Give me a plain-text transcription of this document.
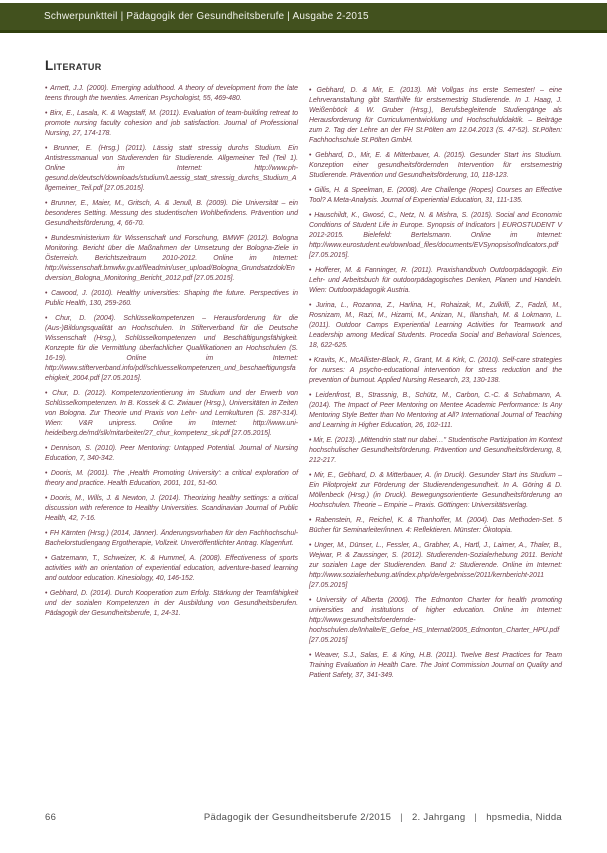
Schwerpunktteil | Pädagogik der Gesundheitsberufe | Ausgabe 2-2015
Literatur
• Arnett, J.J. (2000). Emerging adulthood. A theory of development from the late teens through the twenties. American Psychologist, 55, 469-480.
• Birx, E., Lasala, K. & Wagstaff, M. (2011). Evaluation of team-building retreat to promote nursing faculty cohesion and job satisfaction. Journal of Professional Nursing, 27, 174-178.
• Brunner, E. (Hrsg.) (2011). Lässig statt stressig durchs Studium. Ein Antistressmanual von Studierenden für Studierende. Allgemeiner Teil (Teil 1). Online im Internet: http://www.ph-gesund.de/deutsch/downloads/studium/Laessig_statt_stressig_durchs_Studium_Allgemeiner_Teil.pdf [27.05.2015].
• Brunner, E., Maier, M., Gritsch, A. & Jenull, B. (2009). Die Universität – ein besonderes Setting. Messung des studentischen Wohlbefindens. Prävention und Gesundheitsförderung, 4, 66-70.
• Bundesministerium für Wissenschaft und Forschung, BMWF (2012). Bologna Monitoring. Bericht über die Maßnahmen der Umsetzung der Bologna-Ziele in Österreich. Berichtszeitraum 2010-2012. Online im Internet: http://wissenschaft.bmwfw.gv.at/fileadmin/user_upload/Bologna_Grundsatzdok/Endversion_Bologna_Monitoring_Bericht_2012.pdf [27.05.2015].
• Cawood, J. (2010). Healthy universities: Shaping the future. Perspectives in Public Health, 130, 259-260.
• Chur, D. (2004). Schlüsselkompetenzen – Herausforderung für die (Aus-)Bildungsqualität an Hochschulen. In Stifterverband für die Deutsche Wissenschaft (Hrsg.), Schlüsselkompetenzen und Beschäftigungsfähigkeit. Konzepte für die Vermittlung überfachlicher Qualifikationen an Hochschulen (S. 16-19). Online im Internet: http://www.stifterverband.info/pdf/schluesselkompetenzen_und_beschaeftigungsfaehigkeit_2004.pdf [27.05.2015].
• Chur, D. (2012). Kompetenzorientierung im Studium und der Erwerb von Schlüsselkompetenzen. In B. Kossek & C. Zwiauer (Hrsg.), Universitäten in Zeiten von Bologna. Zur Theorie und Praxis von Lehr- und Lernkulturen (S. 287-314). Wien: V&R unipress. Online im Internet: http://www.uni-heidelberg.de/md/slk/mitarbeiter/27_chur_kompetenz_sk.pdf [27.05.2015].
• Dennison, S. (2010). Peer Mentoring: Untapped Potential. Journal of Nursing Education, 7, 340-342.
• Dooris, M. (2001). The ‚Health Promoting University': a critical exploration of theory and practice. Health Education, 2001, 101, 51-60.
• Dooris, M., Wills, J. & Newton, J. (2014). Theorizing healthy settings: a critical discussion with reference to Healthy Universities. Scandinavian Journal of Public Health, 42, 7-16.
• FH Kärnten (Hrsg.) (2014, Jänner). Änderungsvorhaben für den Fachhochschul-Bachelorstudiengang Ergotherapie, Vollzeit. Unveröffentlichter Antrag. Klagenfurt.
• Gatzemann, T., Schweizer, K. & Hummel, A. (2008). Effectiveness of sports activities with an orientation of experiential education, adventure-based learning and outdoor education. Kinesiology, 40, 146-152.
• Gebhard, D. (2014). Durch Kooperation zum Erfolg. Stärkung der Teamfähigkeit und der sozialen Kompetenzen in der Ausbildung von Gesundheitsberufen. Pädagogik der Gesundheitsberufe, 1, 24-31.
• Gebhard, D. & Mir, E. (2013). Mit Vollgas ins erste Semester! – eine Lehrveranstaltung gibt Starthilfe für erstsemestrig Studierende. In J. Haag, J. Weißenböck & W. Gruber (Hrsg.), Berufsbegleitende Studiengänge als Herausforderung für Curriculumentwicklung und Hochschuldidaktik. – Beiträge zum 2. Tag der Lehre an der FH St.Pölten am 12.04.2013 (S. 47-52). St.Pölten: Fachhochschule St.Pölten GmbH.
• Gebhard, D., Mir, E. & Mitterbauer, A. (2015). Gesunder Start ins Studium. Konzeption einer gesundheitsfördernden Intervention für erstsemestrig Studierende. Prävention und Gesundheitsförderung, 10, 118-123.
• Gillis, H. & Speelman, E. (2008). Are Challenge (Ropes) Courses an Effective Tool? A Meta-Analysis. Journal of Experiential Education, 31, 111-135.
• Hauschildt, K., Gwosć, C., Netz, N. & Mishra, S. (2015). Social and Economic Conditions of Student Life in Europe. Synopsis of Indicators | EUROSTUDENT V 2012-2015. Bielefeld: Bertelsmann. Online im Internet: http://www.eurostudent.eu/download_files/documents/EVSynopsisofIndicators.pdf [27.05.2015].
• Hofferer, M. & Fanninger, R. (2011). Praxishandbuch Outdoorpädagogik. Ein Lehr- und Arbeitsbuch für outdoorpädagogisches Denken, Planen und Handeln. Wien: Outdoorpädagogik Austria.
• Jurina, L., Rozanna, Z., Harlina, H., Rohaizak, M., Zulkifli, Z., Fadzli, M., Rosnizam, M., Razi, M., Hizami, M., Anizan, N., Illanshah, M. & Lokmann, L. (2011). Outdoor Camps Experiential Learning Activities for Teamwork and Leadership among Medical Students. Procedia Social and Behavioral Sciences, 18, 622-625.
• Kravits, K., McAllister-Black, R., Grant, M. & Kirk, C. (2010). Self-care strategies for nurses: A psycho-educational intervention for stress reduction and the prevention of burnout. Applied Nursing Research, 23, 130-138.
• Leidenfrost, B., Strassnig, B., Schütz, M., Carbon, C.-C. & Schabmann, A. (2014). The Impact of Peer Mentoring on Mentee Academic Performance: Is Any Mentoring Style Better than No Mentoring at All? International Journal of Teaching and Learning in Higher Education, 26, 102-111.
• Mir, E. (2013). „Mittendrin statt nur dabei…" Studentische Partizipation im Kontext hochschulischer Gesundheitsförderung. Prävention und Gesundheitsförderung, 8, 212-217.
• Mir, E., Gebhard, D. & Mitterbauer, A. (in Druck). Gesunder Start ins Studium – Ein Pilotprojekt zur Förderung der Studierendengesundheit. In A. Göring & D. Möllenbeck (Hrsg.) (in Druck). Bewegungsorientierte Gesundheitsförderung an Hochschulen. Theorie – Empirie – Praxis. Göttingen: Universitätsverlag.
• Rabenstein, R., Reichel, K. & Thanhoffer, M. (2004). Das Methoden-Set. 5 Bücher für Seminarleiter/innen. 4: Reflektieren. Münster: Ökotopia.
• Unger, M., Dünser, L., Fessler, A., Grabher, A., Hartl, J., Laimer, A., Thaler, B., Wejwar, P. & Zaussinger, S. (2012). Studierenden-Sozialerhebung 2011. Bericht zur sozialen Lage der Studierenden. Band 2: Studierende. Online im Internet: http://www.sozialerhebung.at/index.php/de/ergebnisse/2011/kernbericht-2011 [27.05.2015]
• University of Alberta (2006). The Edmonton Charter for health promoting universities and institutions of higher education. Online im Internet: http://www.gesundheitsfoerdernde-hochschulen.de/Inhalte/E_Gefoe_HS_Internat/2005_Edmonton_Charter_HPU.pdf [27.05.2015]
• Weaver, S.J., Salas, E. & King, H.B. (2011). Twelve Best Practices for Team Training Evaluation in Health Care. The Joint Commission Journal on Quality and Patient Safety, 37, 341-349.
66	Pädagogik der Gesundheitsberufe 2/2015 | 2. Jahrgang | hpsmedia, Nidda
